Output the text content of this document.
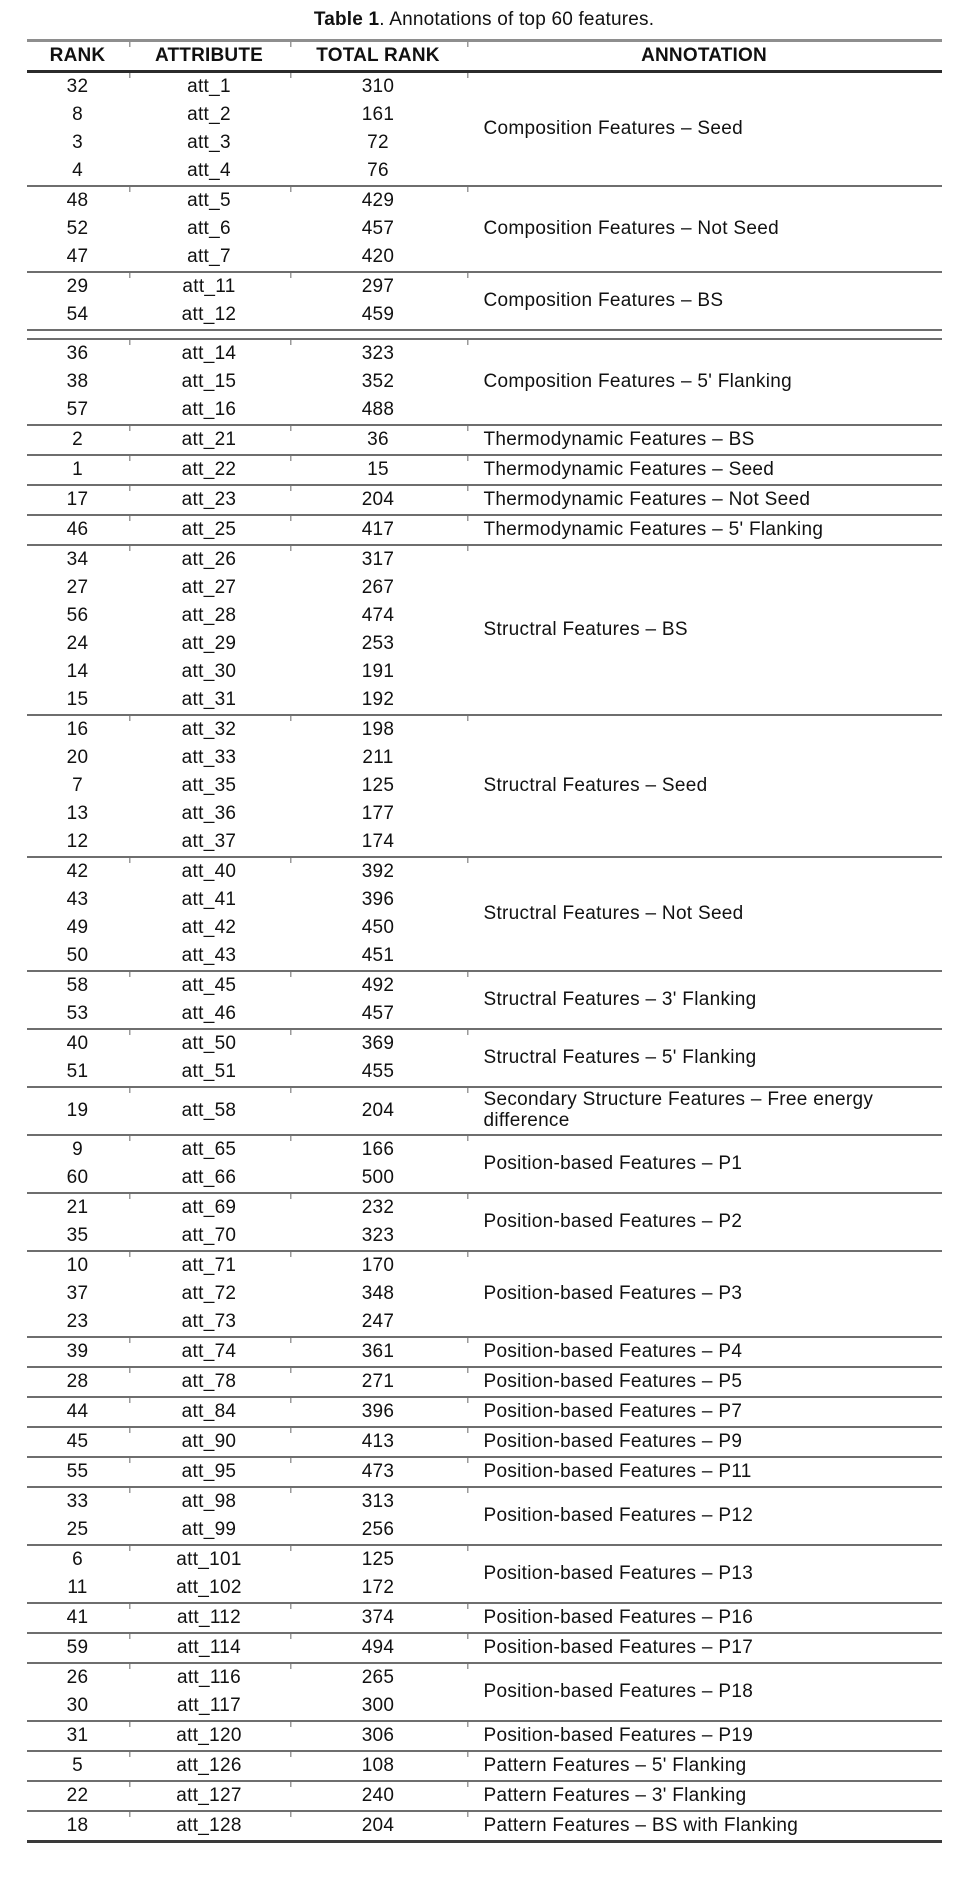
Table 1. Annotations of top 60 features.
RANK	ATTRIBUTE	TOTAL RANK	ANNOTATION
32	att_1	310	Composition Features – Seed
8	att_2	161	
3	att_3	72	
4	att_4	76	
48	att_5	429	Composition Features – Not Seed
52	att_6	457	
47	att_7	420	
29	att_11	297	Composition Features – BS
54	att_12	459	

36	att_14	323	Composition Features – 5' Flanking
38	att_15	352	
57	att_16	488	
2	att_21	36	Thermodynamic Features – BS
1	att_22	15	Thermodynamic Features – Seed
17	att_23	204	Thermodynamic Features – Not Seed
46	att_25	417	Thermodynamic Features – 5' Flanking
34	att_26	317	Structral Features – BS
27	att_27	267	
56	att_28	474	
24	att_29	253	
14	att_30	191	
15	att_31	192	
16	att_32	198	Structral Features – Seed
20	att_33	211	
7	att_35	125	
13	att_36	177	
12	att_37	174	
42	att_40	392	Structral Features – Not Seed
43	att_41	396	
49	att_42	450	
50	att_43	451	
58	att_45	492	Structral Features – 3' Flanking
53	att_46	457	
40	att_50	369	Structral Features – 5' Flanking
51	att_51	455	
19	att_58	204	Secondary Structure Features – Free energy difference
9	att_65	166	Position-based Features – P1
60	att_66	500	
21	att_69	232	Position-based Features – P2
35	att_70	323	
10	att_71	170	Position-based Features – P3
37	att_72	348	
23	att_73	247	
39	att_74	361	Position-based Features – P4
28	att_78	271	Position-based Features – P5
44	att_84	396	Position-based Features – P7
45	att_90	413	Position-based Features – P9
55	att_95	473	Position-based Features – P11
33	att_98	313	Position-based Features – P12
25	att_99	256	
6	att_101	125	Position-based Features – P13
11	att_102	172	
41	att_112	374	Position-based Features – P16
59	att_114	494	Position-based Features – P17
26	att_116	265	Position-based Features – P18
30	att_117	300	
31	att_120	306	Position-based Features – P19
5	att_126	108	Pattern Features – 5' Flanking
22	att_127	240	Pattern Features – 3' Flanking
18	att_128	204	Pattern Features – BS with Flanking
